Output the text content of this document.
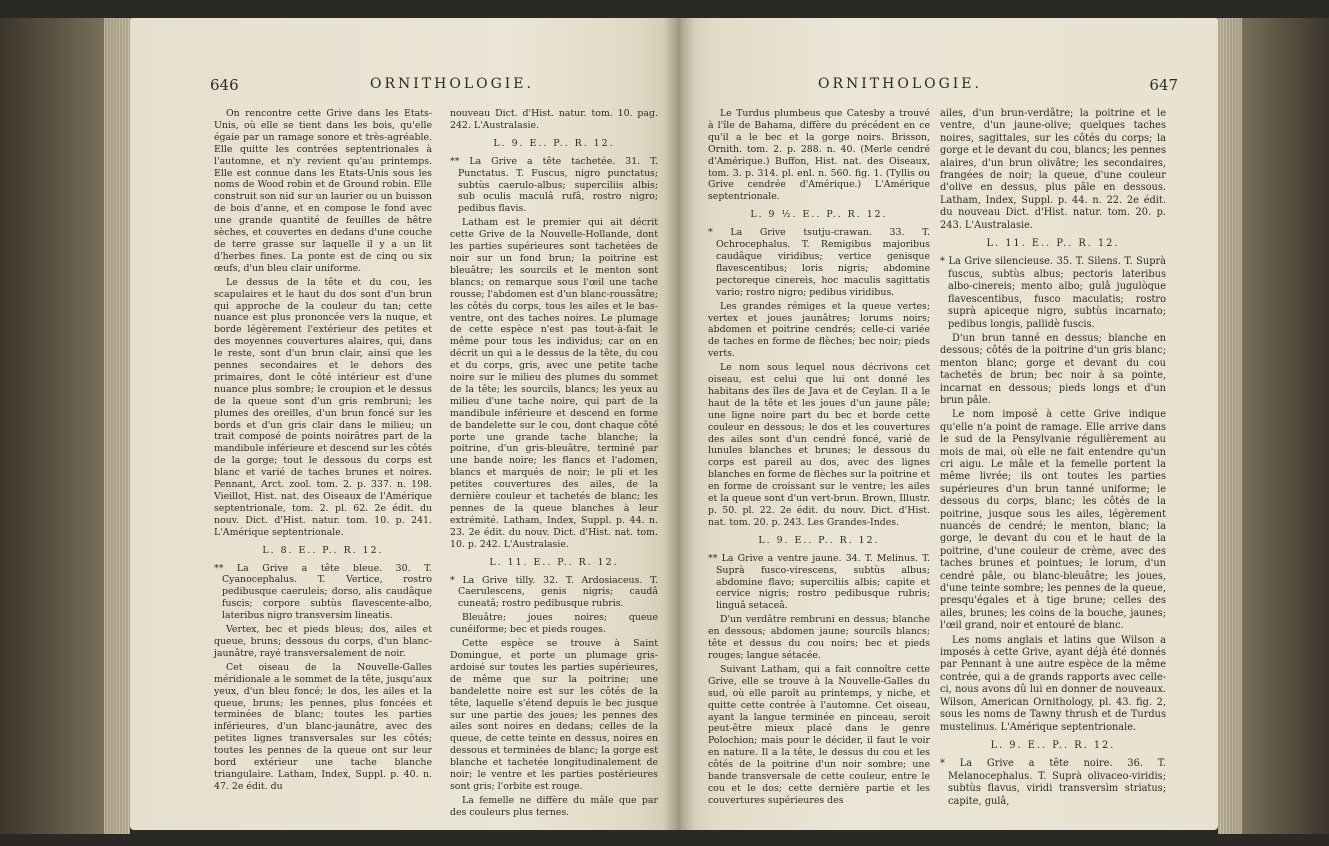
646	ORNITHOLOGIE.

On rencontre cette Grive dans les Etats-Unis, où elle se tient dans les bois, qu'elle égaie par un ramage sonore et très-agréable. Elle quitte les contrées septentrionales à l'automne, et n'y revient qu'au printemps. Elle est connue dans les Etats-Unis sous les noms de Wood robin et de Ground robin. Elle construit son nid sur un laurier ou un buisson de bois d'anne, et en compose le fond avec une grande quantité de feuilles de hêtre sèches, et couvertes en dedans d'une couche de terre grasse sur laquelle il y a un lit d'herbes fines. La ponte est de cinq ou six œufs, d'un bleu clair uniforme.

Le dessus de la tête et du cou, les scapulaires et le haut du dos sont d'un brun qui approche de la couleur du tan; cette nuance est plus prononcée vers la nuque, et borde légèrement l'extérieur des petites et des moyennes couvertures alaires, qui, dans le reste, sont d'un brun clair, ainsi que les pennes secondaires et le dehors des primaires, dont le côté intérieur est d'une nuance plus sombre; le croupion et le dessus de la queue sont d'un gris rembruni; les plumes des oreilles, d'un brun foncé sur les bords et d'un gris clair dans le milieu; un trait composé de points noirâtres part de la mandibule inférieure et descend sur les côtés de la gorge; tout le dessous du corps est blanc et varié de taches brunes et noires. Pennant, Arct. zool. tom. 2. p. 337. n. 198. Vieillot, Hist. nat. des Oiseaux de l'Amérique septentrionale, tom. 2. pl. 62. 2e édit. du nouv. Dict. d'Hist. natur. tom. 10. p. 241. L'Amérique septentrionale.

L. 8. E.. P.. R. 12.

** La Grive a tête bleue. 30. T. Cyanocephalus. T. Vertice, rostro pedibusque caeruleis; dorso, alis caudâque fuscis; corpore subtùs flavescente-albo, lateribus nigro transversim lineatis.

Vertex, bec et pieds bleus; dos, ailes et queue, bruns; dessous du corps, d'un blanc-jaunâtre, rayé transversalement de noir.

Cet oiseau de la Nouvelle-Galles méridionale a le sommet de la tête, jusqu'aux yeux, d'un bleu foncé; le dos, les ailes et la queue, bruns; les pennes, plus foncées et terminées de blanc; toutes les parties inférieures, d'un blanc-jaunâtre, avec des petites lignes transversales sur les côtés; toutes les pennes de la queue ont sur leur bord extérieur une tache blanche triangulaire. Latham, Index, Suppl. p. 40. n. 47. 2e édit. du

nouveau Dict. d'Hist. natur. tom. 10. pag. 242. L'Australasie.

L. 9. E.. P.. R. 12.

** La Grive a tête tachetée. 31. T. Punctatus. T. Fuscus, nigro punctatus; subtùs caerulo-albus; superciliis albis; sub oculis maculâ rufâ, rostro nigro; pedibus flavis.

Latham est le premier qui ait décrit cette Grive de la Nouvelle-Hollande, dont les parties supérieures sont tachetées de noir sur un fond brun; la poitrine est bleuâtre; les sourcils et le menton sont blancs; on remarque sous l'œil une tache rousse; l'abdomen est d'un blanc-roussâtre; les côtés du corps, tous les ailes et le bas-ventre, ont des taches noires. Le plumage de cette espèce n'est pas tout-à-fait le même pour tous les individus; car on en décrit un qui a le dessus de la tête, du cou et du corps, gris, avec une petite tache noire sur le milieu des plumes du sommet de la tête; les sourcils, blancs; les yeux au milieu d'une tache noire, qui part de la mandibule inférieure et descend en forme de bandelette sur le cou, dont chaque côté porte une grande tache blanche; la poitrine, d'un gris-bleuâtre, terminé par une bande noire; les flancs et l'adomen, blancs et marqués de noir; le pli et les petites couvertures des ailes, de la dernière couleur et tachetés de blanc; les pennes de la queue blanches à leur extrémité. Latham, Index, Suppl. p. 44. n. 23. 2e édit. du nouv. Dict. d'Hist. nat. tom. 10. p. 242. L'Australasie.

L. 11. E.. P.. R. 12.

* La Grive tilly. 32. T. Ardosiaceus. T. Caerulescens, genis nigris; caudâ cuneatâ; rostro pedibusque rubris.

Bleuâtre; joues noires; queue cunéiforme; bec et pieds rouges.

Cette espèce se trouve à Saint Domingue, et porte un plumage gris-ardoisé sur toutes les parties supérieures, de même que sur la poitrine; une bandelette noire est sur les côtés de la tête, laquelle s'étend depuis le bec jusque sur une partie des joues; les pennes des ailes sont noires en dedans; celles de la queue, de cette teinte en dessus, noires en dessous et terminées de blanc; la gorge est blanche et tachetée longitudinalement de noir; le ventre et les parties postérieures sont gris; l'orbite est rouge.

La femelle ne diffère du mâle que par des couleurs plus ternes.

ORNITHOLOGIE.	647

Le Turdus plumbeus que Catesby a trouvé à l'île de Bahama, diffère du précédent en ce qu'il a le bec et la gorge noirs. Brisson, Ornith. tom. 2. p. 288. n. 40. (Merle cendré d'Amérique.) Buffon, Hist. nat. des Oiseaux, tom. 3. p. 314. pl. enl. n. 560. fig. 1. (Tyllis ou Grive cendrée d'Amérique.) L'Amérique septentrionale.

L. 9 ½. E.. P.. R. 12.

* La Grive tsutju-crawan. 33. T. Ochrocephalus. T. Remigibus majoribus caudâque viridibus; vertice genisque flavescentibus; loris nigris; abdomine pectoreque cinereis, hoc maculis sagittatis vario; rostro nigro; pedibus viridibus.

Les grandes rémiges et la queue vertes; vertex et joues jaunâtres; lorums noirs; abdomen et poitrine cendrés; celle-ci variée de taches en forme de flèches; bec noir; pieds verts.

Le nom sous lequel nous décrivons cet oiseau, est celui que lui ont donné les habitans des îles de Java et de Ceylan. Il a le haut de la tête et les joues d'un jaune pâle; une ligne noire part du bec et borde cette couleur en dessous; le dos et les couvertures des ailes sont d'un cendré foncé, varié de lunules blanches et brunes; le dessous du corps est pareil au dos, avec des lignes blanches en forme de flèches sur la poitrine et en forme de croissant sur le ventre; les ailes et la queue sont d'un vert-brun. Brown, Illustr. p. 50. pl. 22. 2e édit. du nouv. Dict. d'Hist. nat. tom. 20. p. 243. Les Grandes-Indes.

L. 9. E.. P.. R. 12.

** La Grive a ventre jaune. 34. T. Melinus. T. Suprà fusco-virescens, subtùs albus; abdomine flavo; superciliis albis; capite et cervice nigris; rostro pedibusque rubris; linguâ setaceâ.

D'un verdâtre rembruni en dessus; blanche en dessous; abdomen jaune; sourcils blancs; tête et dessus du cou noirs; bec et pieds rouges; langue sétacée.

Suivant Latham, qui a fait connoître cette Grive, elle se trouve à la Nouvelle-Galles du sud, où elle paroît au printemps, y niche, et quitte cette contrée à l'automne. Cet oiseau, ayant la langue terminée en pinceau, seroit peut-être mieux placé dans le genre Polochion; mais pour le décider, il faut le voir en nature. Il a la tête, le dessus du cou et les côtés de la poitrine d'un noir sombre; une bande transversale de cette couleur, entre le cou et le dos; cette dernière partie et les couvertures supérieures des

ailes, d'un brun-verdâtre; la poitrine et le ventre, d'un jaune-olive; quelques taches noires, sagittales, sur les côtés du corps; la gorge et le devant du cou, blancs; les pennes alaires, d'un brun olivâtre; les secondaires, frangées de noir; la queue, d'une couleur d'olive en dessus, plus pâle en dessous. Latham, Index, Suppl. p. 44. n. 22. 2e édit. du nouveau Dict. d'Hist. natur. tom. 20. p. 243. L'Australasie.

L. 11. E.. P.. R. 12.

* La Grive silencieuse. 35. T. Silens. T. Suprà fuscus, subtùs albus; pectoris lateribus albo-cinereis; mento albo; gulâ jugulòque flavescentibus, fusco maculatis; rostro suprà apiceque nigro, subtùs incarnato; pedibus longis, pallidè fuscis.

D'un brun tanné en dessus; blanche en dessous; côtés de la poitrine d'un gris blanc; menton blanc; gorge et devant du cou tachetés de brun; bec noir à sa pointe, incarnat en dessous; pieds longs et d'un brun pâle.

Le nom imposé à cette Grive indique qu'elle n'a point de ramage. Elle arrive dans le sud de la Pensylvanie régulièrement au mois de mai, où elle ne fait entendre qu'un cri aigu. Le mâle et la femelle portent la même livrée; ils ont toutes les parties supérieures d'un brun tanné uniforme; le dessous du corps, blanc; les côtés de la poitrine, jusque sous les ailes, légèrement nuancés de cendré; le menton, blanc; la gorge, le devant du cou et le haut de la poitrine, d'une couleur de crème, avec des taches brunes et pointues; le lorum, d'un cendré pâle, ou blanc-bleuâtre; les joues, d'une teinte sombre; les pennes de la queue, presqu'égales et à tige brune; celles des ailes, brunes; les coins de la bouche, jaunes; l'œil grand, noir et entouré de blanc.

Les noms anglais et latins que Wilson a imposés à cette Grive, ayant déjà été donnés par Pennant à une autre espèce de la même contrée, qui a de grands rapports avec celle-ci, nous avons dû lui en donner de nouveaux. Wilson, American Ornithology, pl. 43. fig. 2, sous les noms de Tawny thrush et de Turdus mustelinus. L'Amérique septentrionale.

L. 9. E.. P.. R. 12.

* La Grive a tête noire. 36. T. Melanocephalus. T. Suprà olivaceo-viridis; subtùs flavus, viridi transversìm striatus; capite, gulâ,
